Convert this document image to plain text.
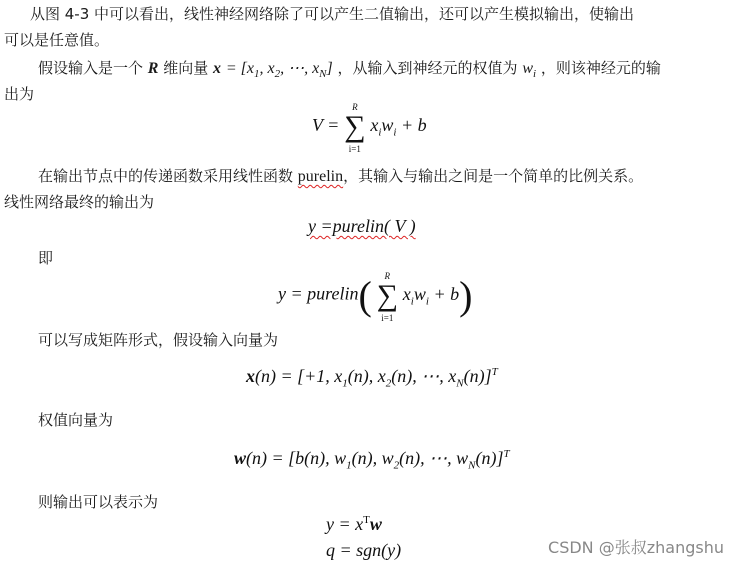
从图 4-3 中可以看出，线性神经网络除了可以产生二值输出，还可以产生模拟输出，使输出
可以是任意值。
假设输入是一个 R 维向量 $x = [x_1$, $x_2$, ⋯, $x_N$] ，从输入到神经元的权值为 $w_i$ ，则该神经元的输
出为
V =
R
∑
i=1
$x_iw_i + b$
在输出节点中的传递函数采用线性函数 purelin，其输入与输出之间是一个简单的比例关系。
线性网络最终的输出为
y =purelin( V )
即
y = purelin(	R
∑
i=1
$x_iw_i + b$)
可以写成矩阵形式，假设输入向量为
x(n) = [+1, $x_1(n)$, $x_2(n)$, ⋯, $x_N(n)]^T$
权值向量为
w(n) = [b(n), $w_1(n)$, $w_2(n)$, ⋯, $w_N(n)]^T$
则输出可以表示为
$y = x^Tw$
q = sgn(y)	CSDN @张叔zhangshu
